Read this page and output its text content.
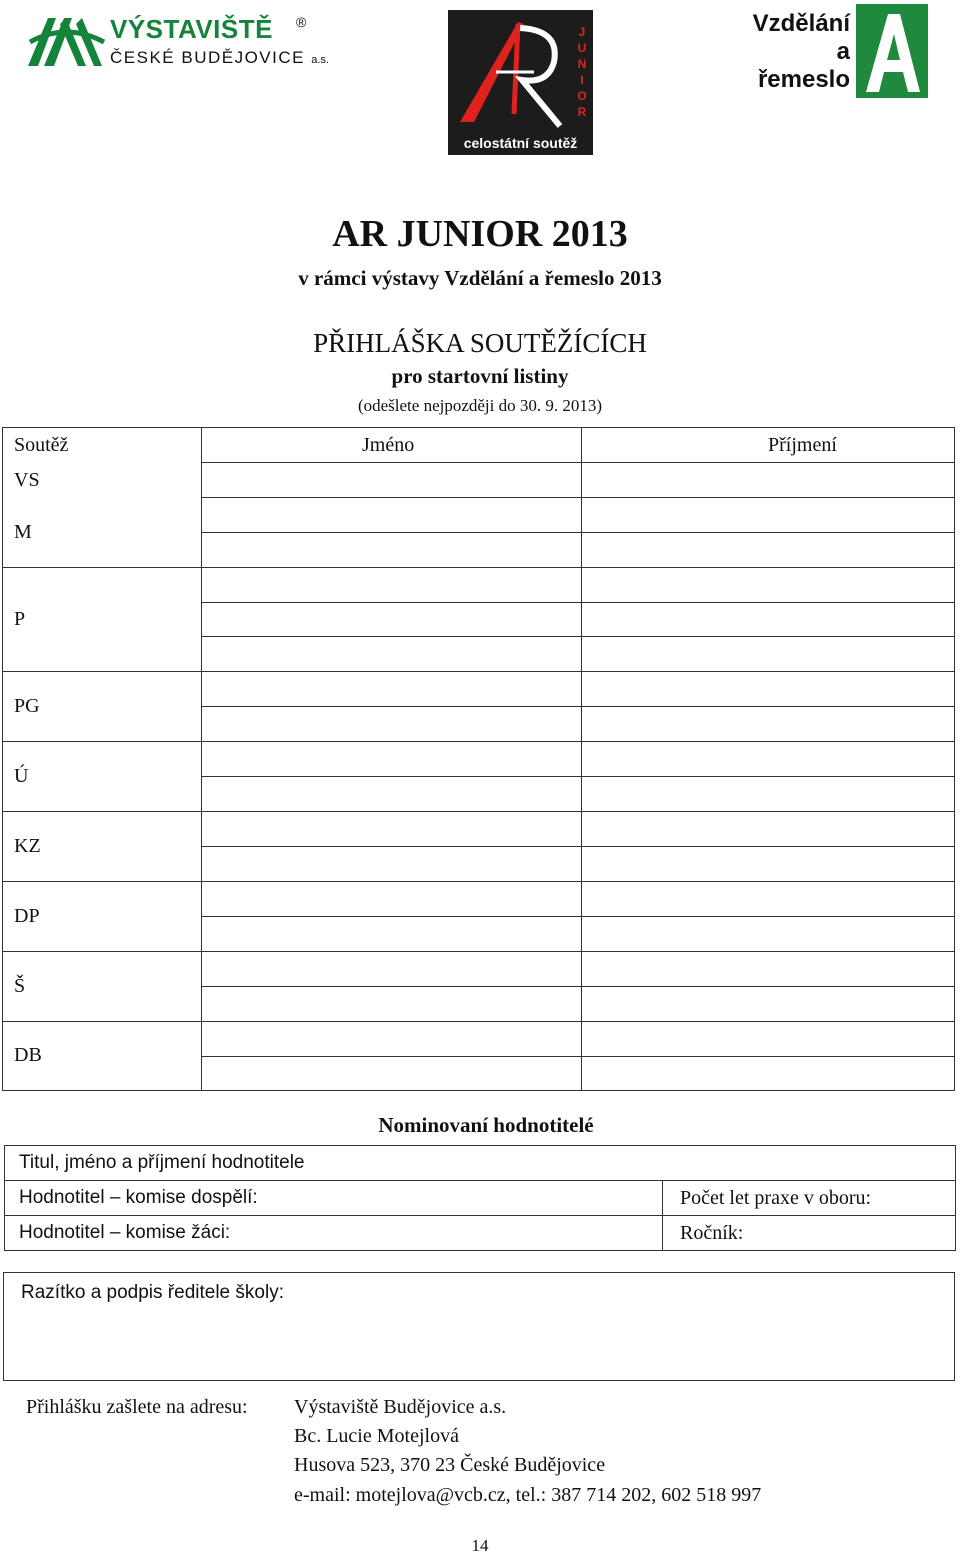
VÝSTAVIŠTĚ ®
ČESKÉ BUDĚJOVICE a.s.
J
U
N
I
O
R
celostátní soutěž
Vzdělání
a
řemeslo
AR JUNIOR 2013
v rámci výstavy Vzdělání a řemeslo 2013
PŘIHLÁŠKA SOUTĚŽÍCÍCH
pro startovní listiny
(odešlete nejpozději do 30. 9. 2013)
Soutěž	Jméno	Příjmení
VS
M
P
PG
Ú
KZ
DP
Š
DB
Nominovaní hodnotitelé
Titul, jméno a příjmení hodnotitele
Hodnotitel – komise dospělí:
Hodnotitel – komise žáci:
Počet let praxe v oboru:
Ročník:
Razítko a podpis ředitele školy:
Přihlášku zašlete na adresu: Výstaviště Budějovice a.s.
Bc. Lucie Motejlová
Husova 523, 370 23 České Budějovice
e-mail: motejlova@vcb.cz, tel.: 387 714 202, 602 518 997
14
